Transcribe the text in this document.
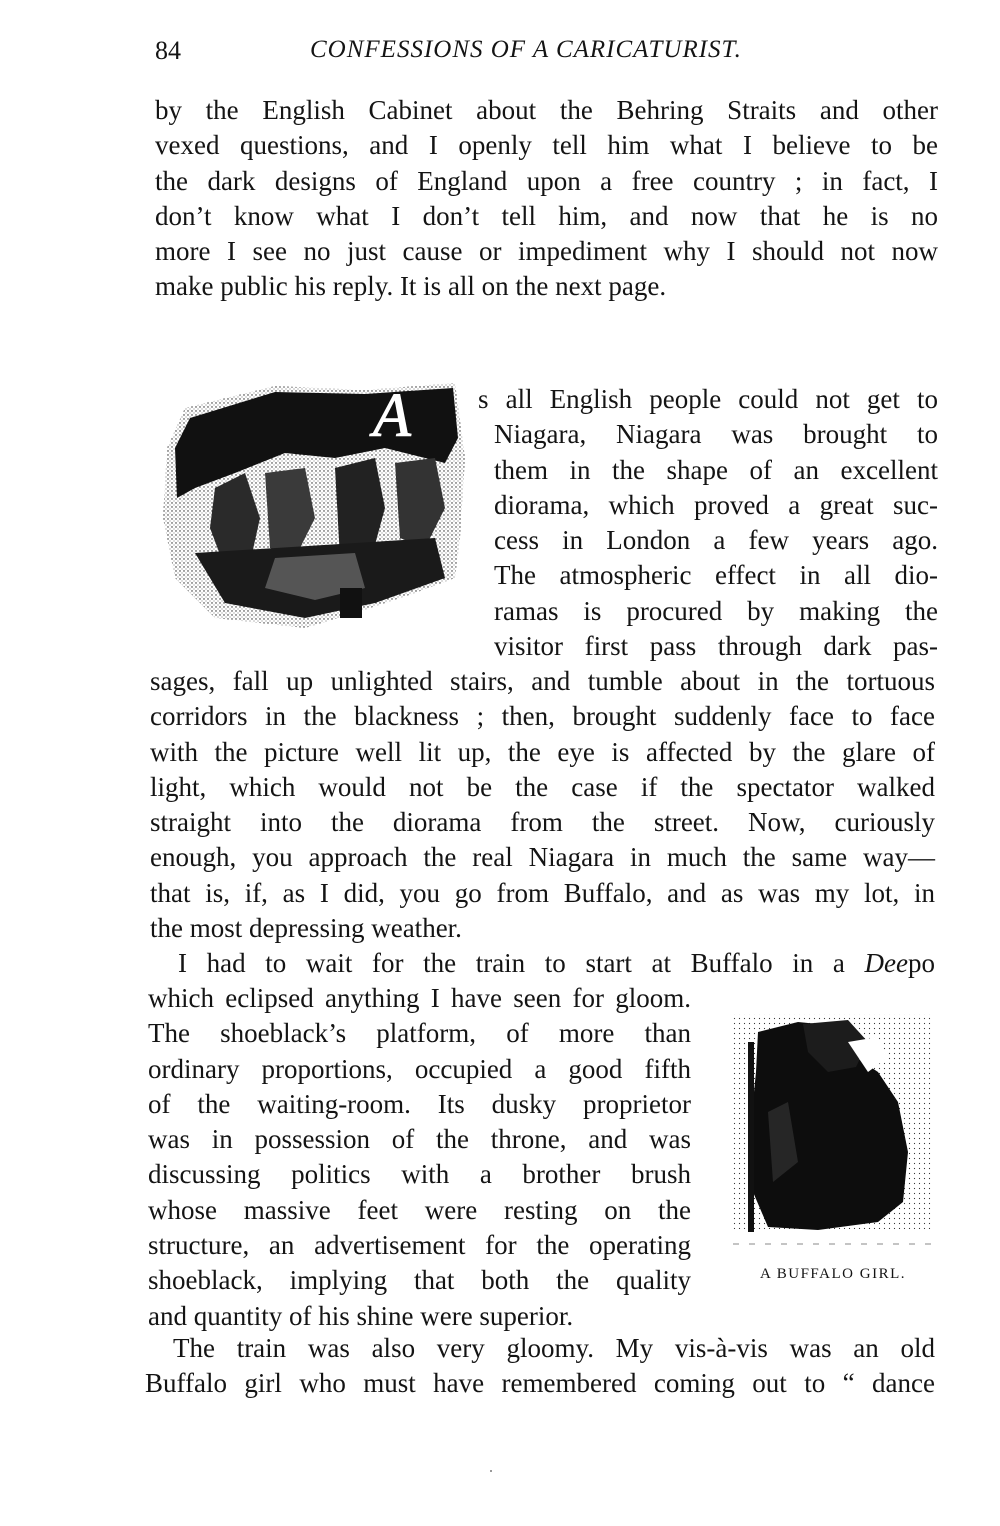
84	CONFESSIONS OF A CARICATURIST.
by the English Cabinet about the Behring Straits and other
vexed questions, and I openly tell him what I believe to be
the dark designs of England upon a free country ; in fact, I
don’t know what I don’t tell him, and now that he is no
more I see no just cause or impediment why I should not now
make public his reply. It is all on the next page.
A s all English people could not get to
Niagara, Niagara was brought to
them in the shape of an excellent
diorama, which proved a great suc-
cess in London a few years ago.
The atmospheric effect in all dio-
ramas is procured by making the
visitor first pass through dark pas-
sages, fall up unlighted stairs, and tumble about in the tortuous
corridors in the blackness ; then, brought suddenly face to face
with the picture well lit up, the eye is affected by the glare of
light, which would not be the case if the spectator walked
straight into the diorama from the street. Now, curiously
enough, you approach the real Niagara in much the same way—
that is, if, as I did, you go from Buffalo, and as was my lot, in
the most depressing weather.
I had to wait for the train to start at Buffalo in a Deepo
which eclipsed anything I have seen for gloom.
The shoeblack’s platform, of more than
ordinary proportions, occupied a good fifth
of the waiting-room. Its dusky proprietor
was in possession of the throne, and was
discussing politics with a brother brush
whose massive feet were resting on the
structure, an advertisement for the operating
shoeblack, implying that both the quality
and quantity of his shine were superior.
A BUFFALO GIRL.
The train was also very gloomy. My vis-à-vis was an old
Buffalo girl who must have remembered coming out to “ dance
